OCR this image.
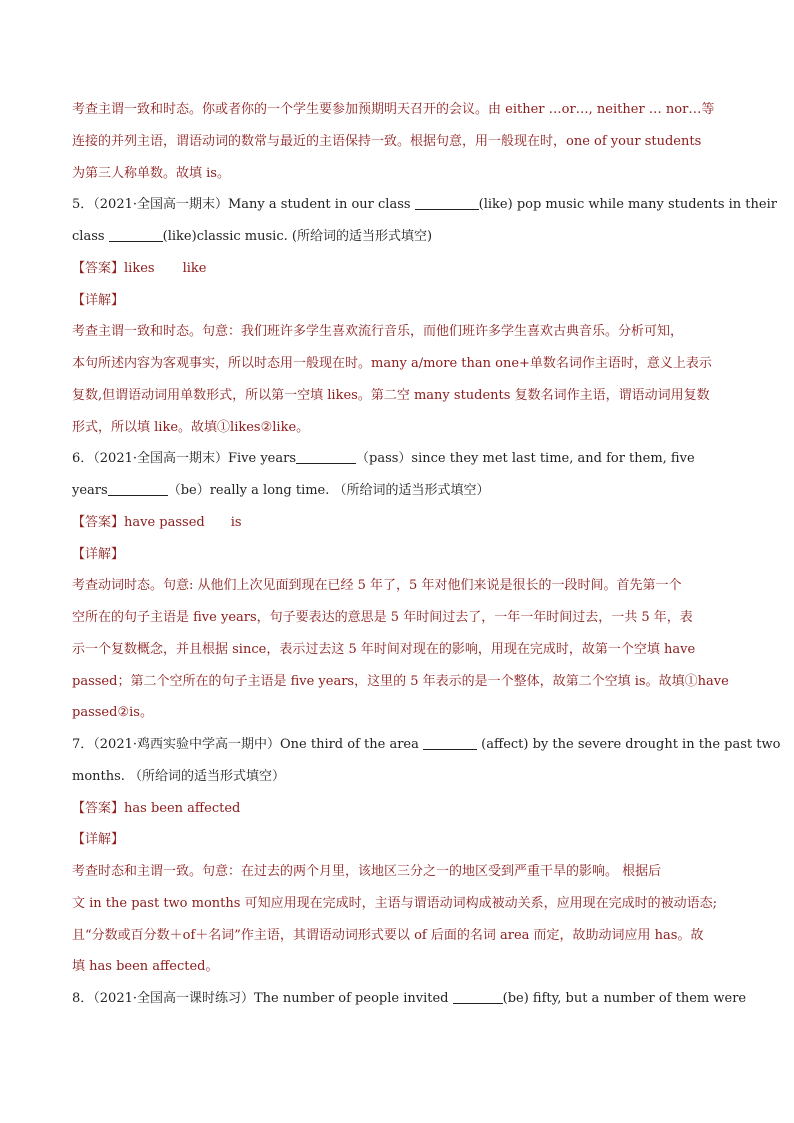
考查主谓一致和时态。你或者你的一个学生要参加预期明天召开的会议。由 either …or…, neither … nor…等
连接的并列主语，谓语动词的数常与最近的主语保持一致。根据句意，用一般现在时，one of your students
为第三人称单数。故填 is。
5．（2021·全国高一期末）Many a student in our class	(like) pop music while many students in their
class	(like)classic music. (所给词的适当形式填空)
【答案】likes like
【详解】
考查主谓一致和时态。句意：我们班许多学生喜欢流行音乐，而他们班许多学生喜欢古典音乐。分析可知，
本句所述内容为客观事实，所以时态用一般现在时。many a/more than one+单数名词作主语时，意义上表示
复数,但谓语动词用单数形式，所以第一空填 likes。第二空 many students 复数名词作主语，谓语动词用复数
形式，所以填 like。故填①likes②like。
6．（2021·全国高一期末）Five years	（pass）since they met last time, and for them, five
years	（be）really a long time. （所给词的适当形式填空）
【答案】have passed is
【详解】
考查动词时态。句意: 从他们上次见面到现在已经 5 年了，5 年对他们来说是很长的一段时间。首先第一个
空所在的句子主语是 five years，句子要表达的意思是 5 年时间过去了，一年一年时间过去，一共 5 年，表
示一个复数概念，并且根据 since，表示过去这 5 年时间对现在的影响，用现在完成时，故第一个空填 have
passed；第二个空所在的句子主语是 five years，这里的 5 年表示的是一个整体，故第二个空填 is。故填①have
passed②is。
7．（2021·鸡西实验中学高一期中）One third of the area	(affect) by the severe drought in the past two
months. （所给词的适当形式填空）
【答案】has been affected
【详解】
考查时态和主谓一致。句意：在过去的两个月里，该地区三分之一的地区受到严重干旱的影响。 根据后
文 in the past two months 可知应用现在完成时，主语与谓语动词构成被动关系，应用现在完成时的被动语态;
且“分数或百分数＋of＋名词”作主语，其谓语动词形式要以 of 后面的名词 area 而定，故助动词应用 has。故
填 has been affected。
8．（2021·全国高一课时练习）The number of people invited	(be) fifty, but a number of them were
